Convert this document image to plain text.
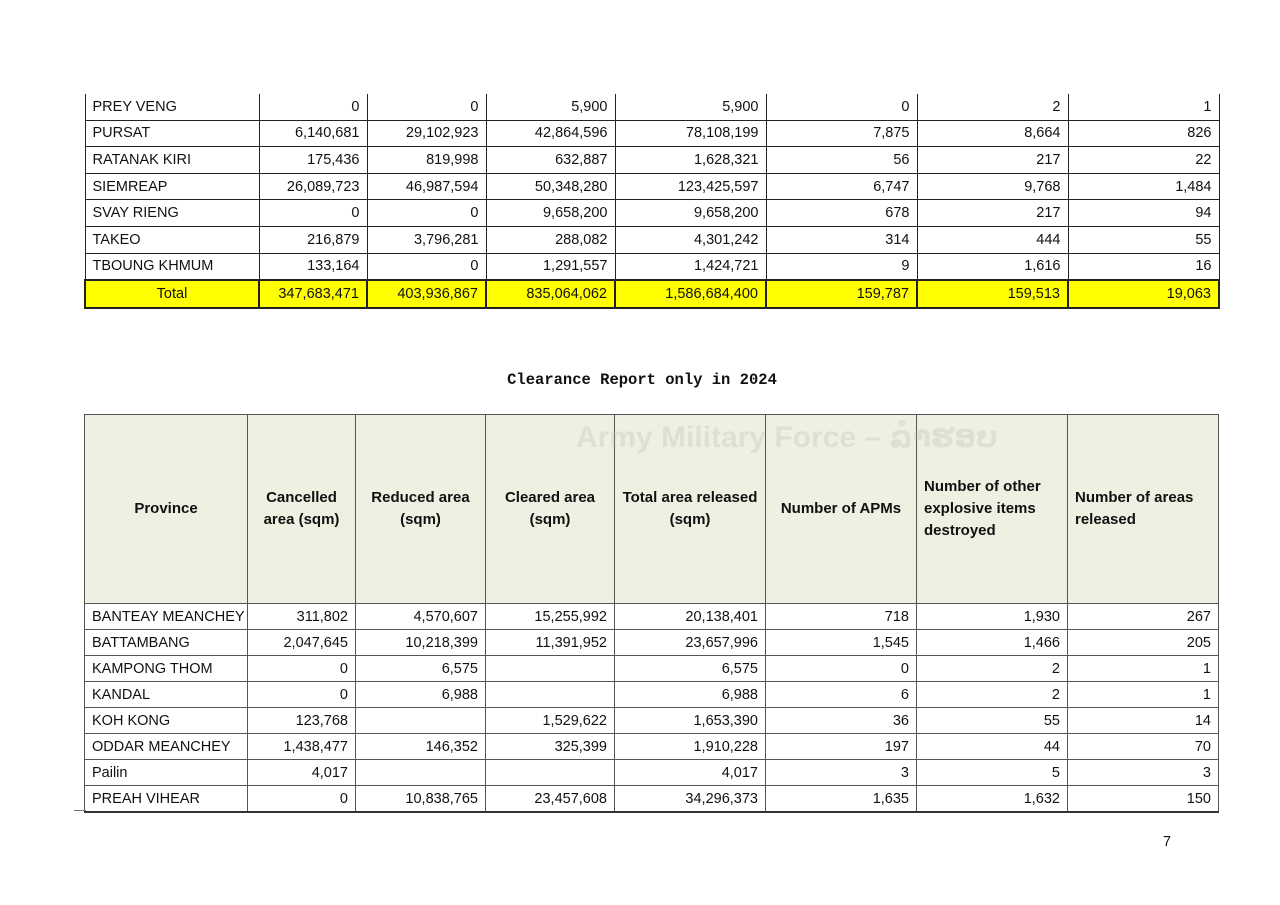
PREY VENG	0	0	5,900	5,900	0	2	1
PURSAT	6,140,681	29,102,923	42,864,596	78,108,199	7,875	8,664	826
RATANAK KIRI	175,436	819,998	632,887	1,628,321	56	217	22
SIEMREAP	26,089,723	46,987,594	50,348,280	123,425,597	6,747	9,768	1,484
SVAY RIENG	0	0	9,658,200	9,658,200	678	217	94
TAKEO	216,879	3,796,281	288,082	4,301,242	314	444	55
TBOUNG KHMUM	133,164	0	1,291,557	1,424,721	9	1,616	16
Total	347,683,471	403,936,867	835,064,062	1,586,684,400	159,787	159,513	19,063
Clearance Report only in 2024
Province	Cancelled area (sqm)	Reduced area (sqm)	Cleared area (sqm)	Total area released (sqm)	Number of APMs	Number of other explosive items destroyed	Number of areas released
BANTEAY MEANCHEY	311,802	4,570,607	15,255,992	20,138,401	718	1,930	267
BATTAMBANG	2,047,645	10,218,399	11,391,952	23,657,996	1,545	1,466	205
KAMPONG THOM	0	6,575		6,575	0	2	1
KANDAL	0	6,988		6,988	6	2	1
KOH KONG	123,768		1,529,622	1,653,390	36	55	14
ODDAR MEANCHEY	1,438,477	146,352	325,399	1,910,228	197	44	70
Pailin	4,017			4,017	3	5	3
PREAH VIHEAR	0	10,838,765	23,457,608	34,296,373	1,635	1,632	150
Army Military Force – ລໍາຮອບ
7
